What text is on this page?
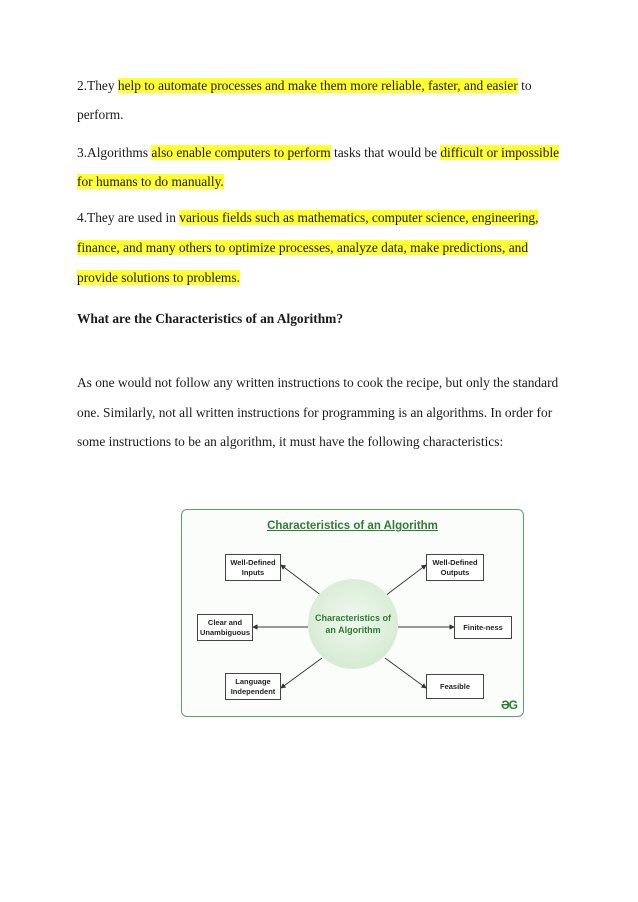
2.They help to automate processes and make them more reliable, faster, and easier to

perform.

3.Algorithms also enable computers to perform tasks that would be difficult or impossible

for humans to do manually.

4.They are used in various fields such as mathematics, computer science, engineering,

finance, and many others to optimize processes, analyze data, make predictions, and

provide solutions to problems.

What are the Characteristics of an Algorithm?

As one would not follow any written instructions to cook the recipe, but only the standard

one. Similarly, not all written instructions for programming is an algorithms. In order for

some instructions to be an algorithm, it must have the following characteristics:

Characteristics of an Algorithm
Characteristics of an Algorithm
Well-Defined
Inputs
Well-Defined
Outputs
Clear and
Unambiguous
Finite-ness
Language
Independent
Feasible
ƏG
